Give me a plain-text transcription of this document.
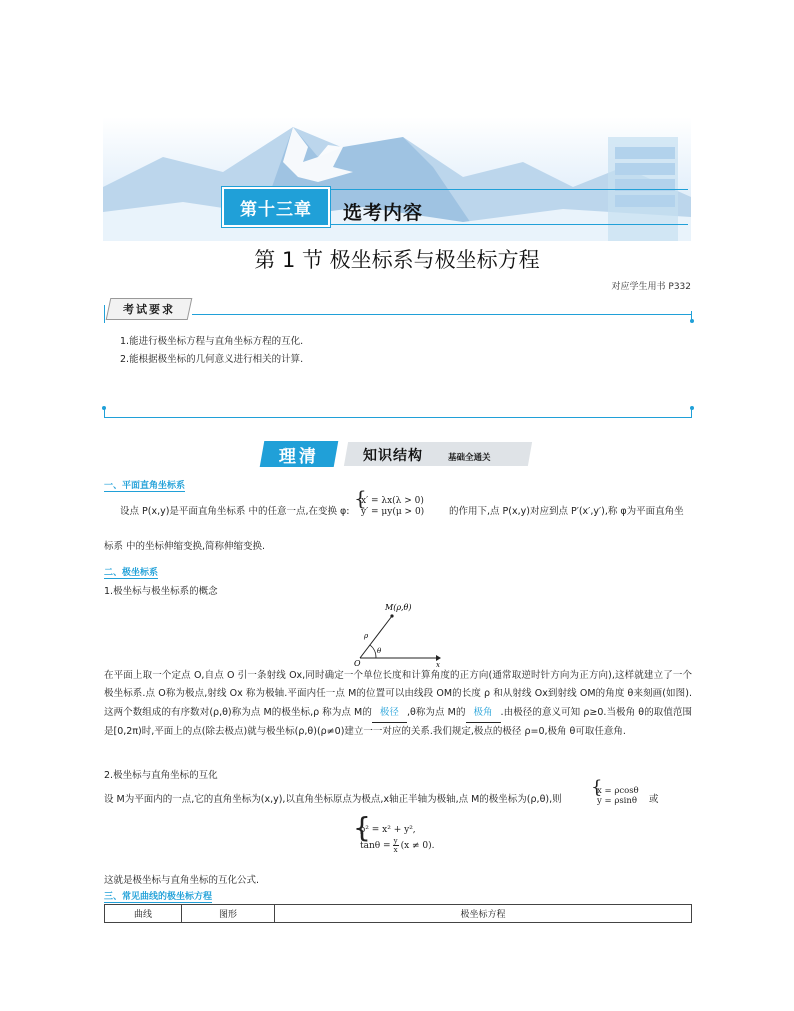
第十三章	选考内容
第 1 节 极坐标系与极坐标方程
对应学生用书 P332
考试要求
1.能进行极坐标方程与直角坐标方程的互化.
2.能根据极坐标的几何意义进行相关的计算.
理清	知识结构	基础全通关
一、平面直角坐标系
设点 P(x,y)是平面直角坐标系 中的任意一点,在变换 φ:
{
x′ = λx(λ > 0)
y′ = μy(μ > 0)	的作用下,点 P(x,y)对应到点 P′(x′,y′),称 φ为平面直角坐
标系 中的坐标伸缩变换,简称伸缩变换.
二、极坐标系
1.极坐标与极坐标系的概念
M(ρ,θ)
O	x
ρ
θ
在平面上取一个定点 O,自点 O 引一条射线 Ox,同时确定一个单位长度和计算角度的正方向(通常取逆时针方向为正方向),这样就建立了一个极坐标系.点 O称为极点,射线 Ox 称为极轴.平面内任一点 M的位置可以由线段 OM的长度 ρ 和从射线 Ox到射线 OM的角度 θ来刻画(如图).这两个数组成的有序数对(ρ,θ)称为点 M的极坐标,ρ 称为点 M的 极径 ,θ称为点 M的 极角 .由极径的意义可知 ρ≥0.当极角 θ的取值范围是[0,2π)时,平面上的点(除去极点)就与极坐标(ρ,θ)(ρ≠0)建立一一对应的关系.我们规定,极点的极径 ρ=0,极角 θ可取任意角.
2.极坐标与直角坐标的互化
设 M为平面内的一点,它的直角坐标为(x,y),以直角坐标原点为极点,x轴正半轴为极轴,点 M的极坐标为(ρ,θ),则
{
x = ρcosθ
y = ρsinθ 或
{
ρ² = x² + y²,
$\tan\theta = \frac{y}{x} (x \ne 0)$.
这就是极坐标与直角坐标的互化公式.
三、常见曲线的极坐标方程
曲线	图形	极坐标方程
